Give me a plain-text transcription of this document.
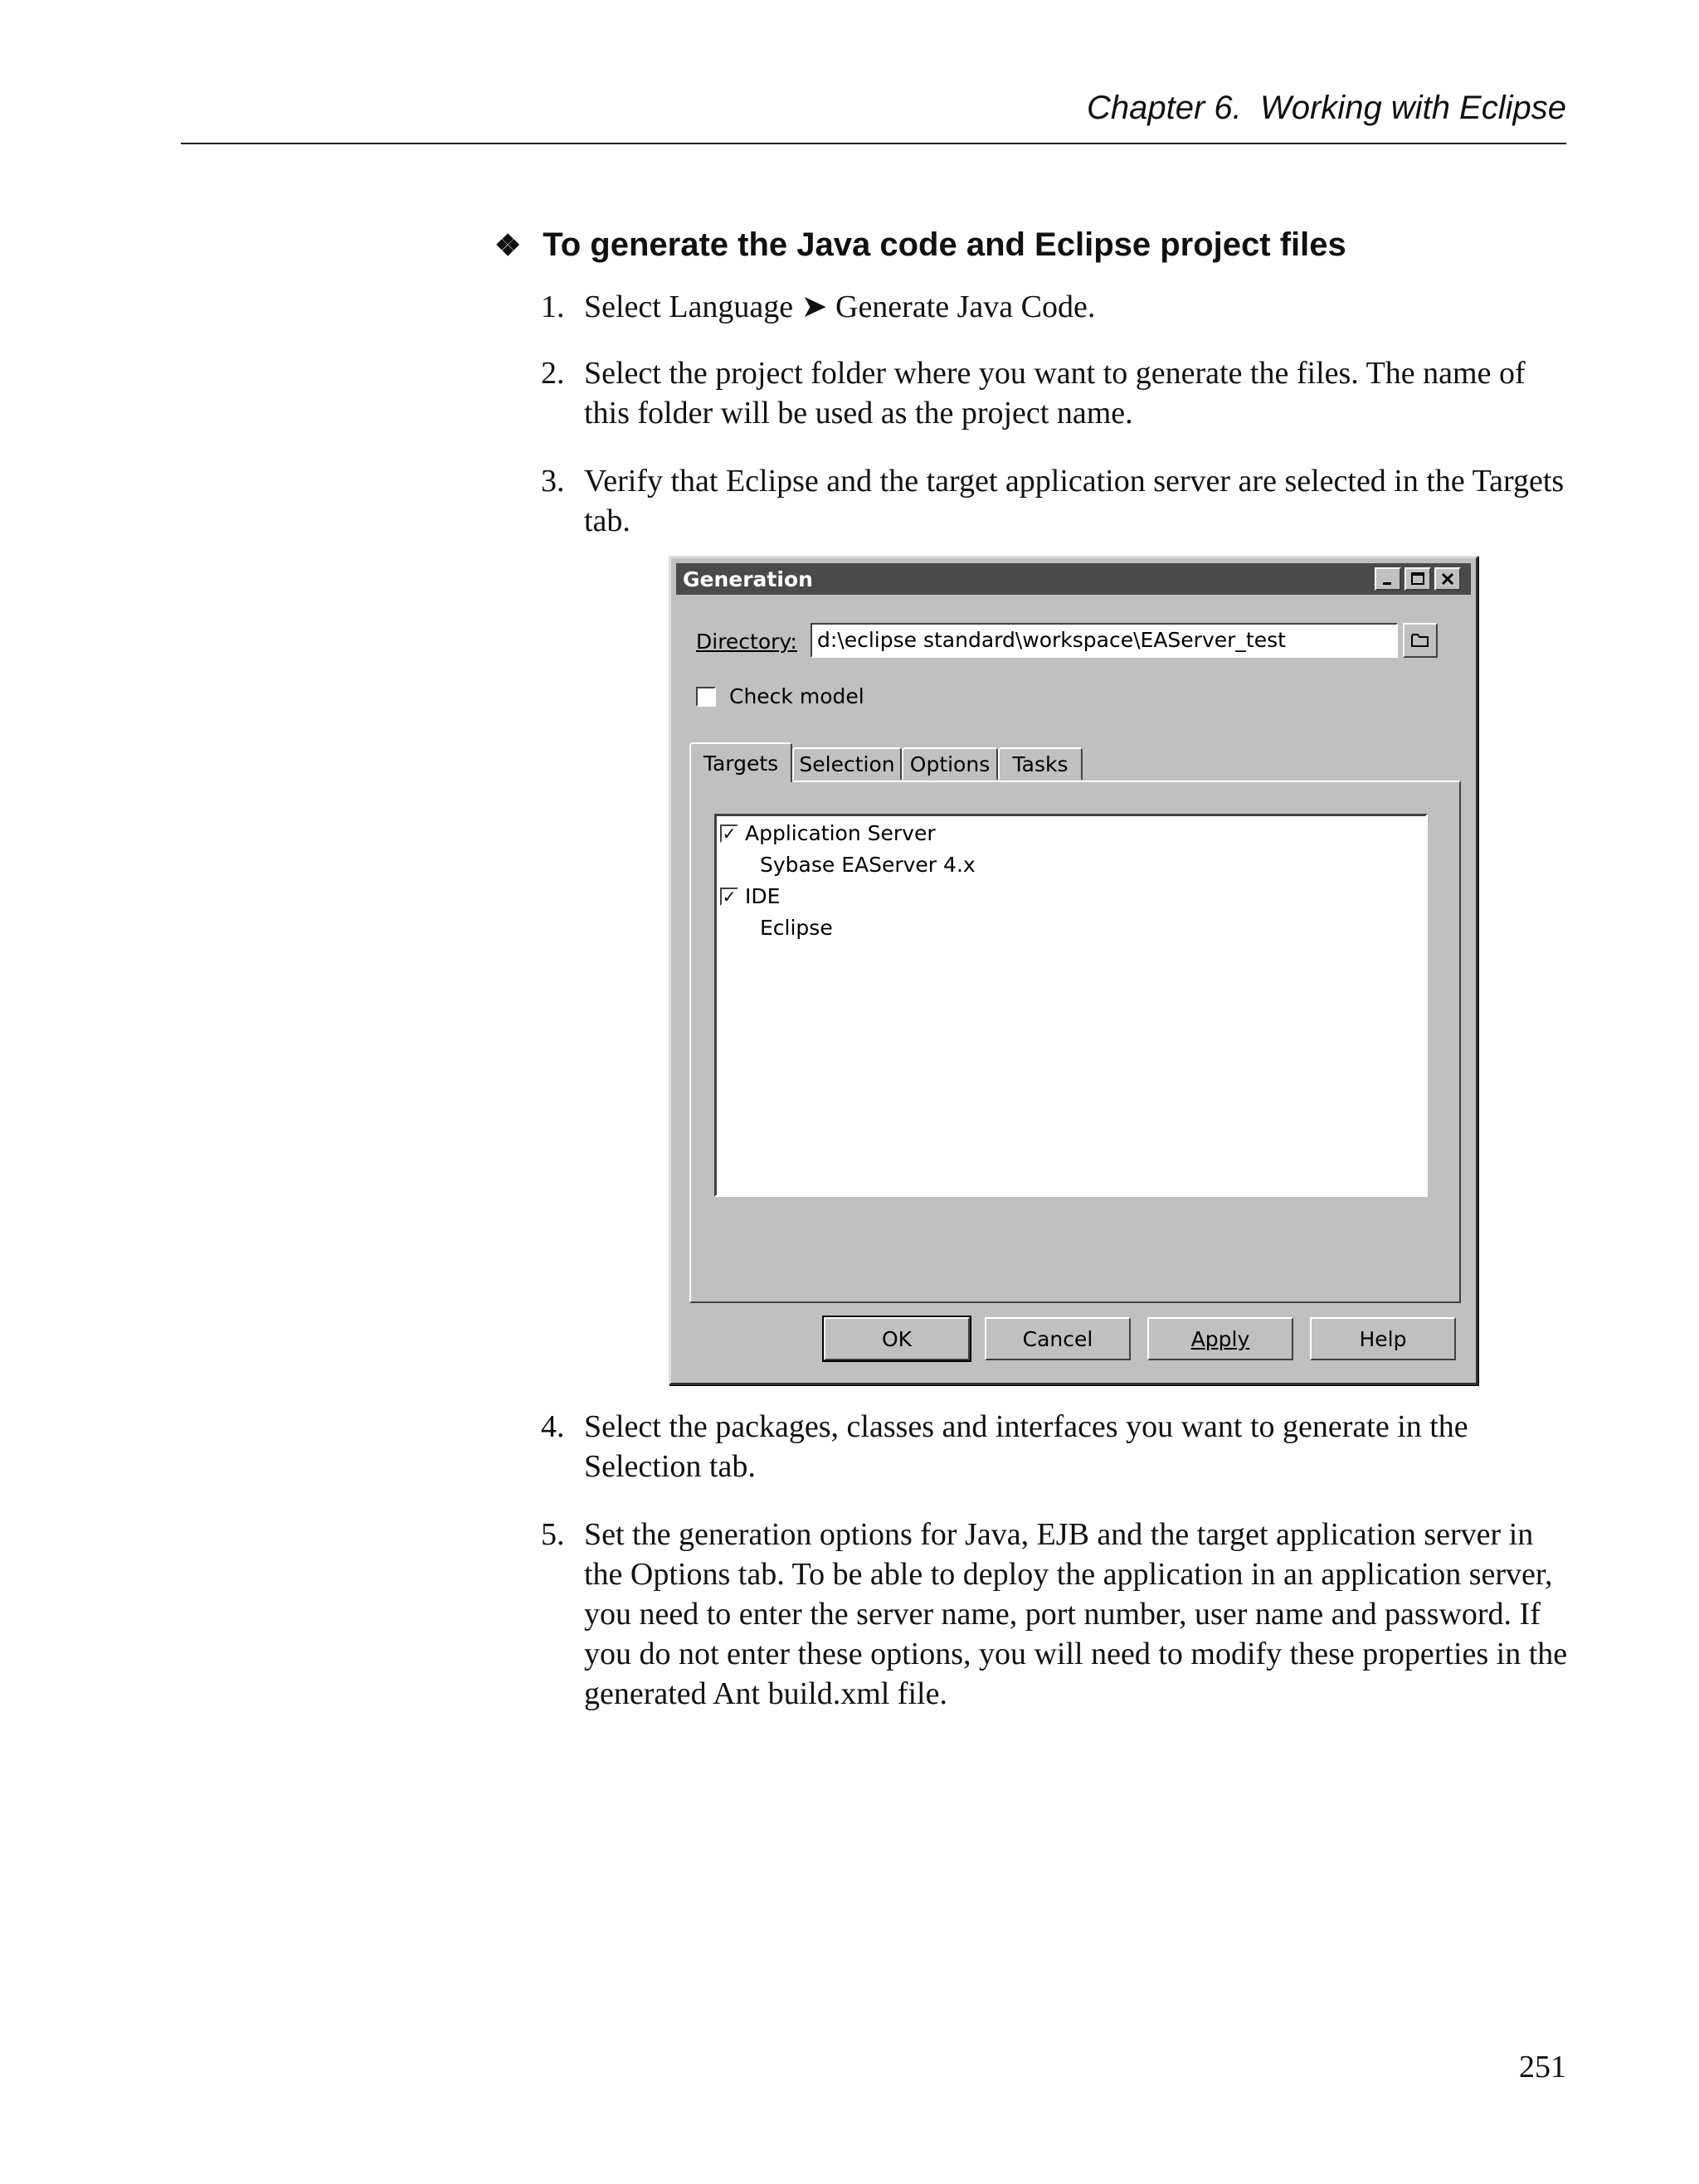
Chapter 6.  Working with Eclipse
❖ To generate the Java code and Eclipse project files
1. Select Language ➤ Generate Java Code.
2. Select the project folder where you want to generate the files. The name of this folder will be used as the project name.
3. Verify that Eclipse and the target application server are selected in the Targets tab.
Generation
Directory: d:\eclipse standard\workspace\EAServer_test
Check model
Targets	Selection Options	Tasks
✓ Application Server
Sybase EAServer 4.x
✓ IDE
Eclipse
OK	Cancel	Apply	Help
4. Select the packages, classes and interfaces you want to generate in the Selection tab.
5. Set the generation options for Java, EJB and the target application server in the Options tab. To be able to deploy the application in an application server, you need to enter the server name, port number, user name and password. If you do not enter these options, you will need to modify these properties in the generated Ant build.xml file.
251
